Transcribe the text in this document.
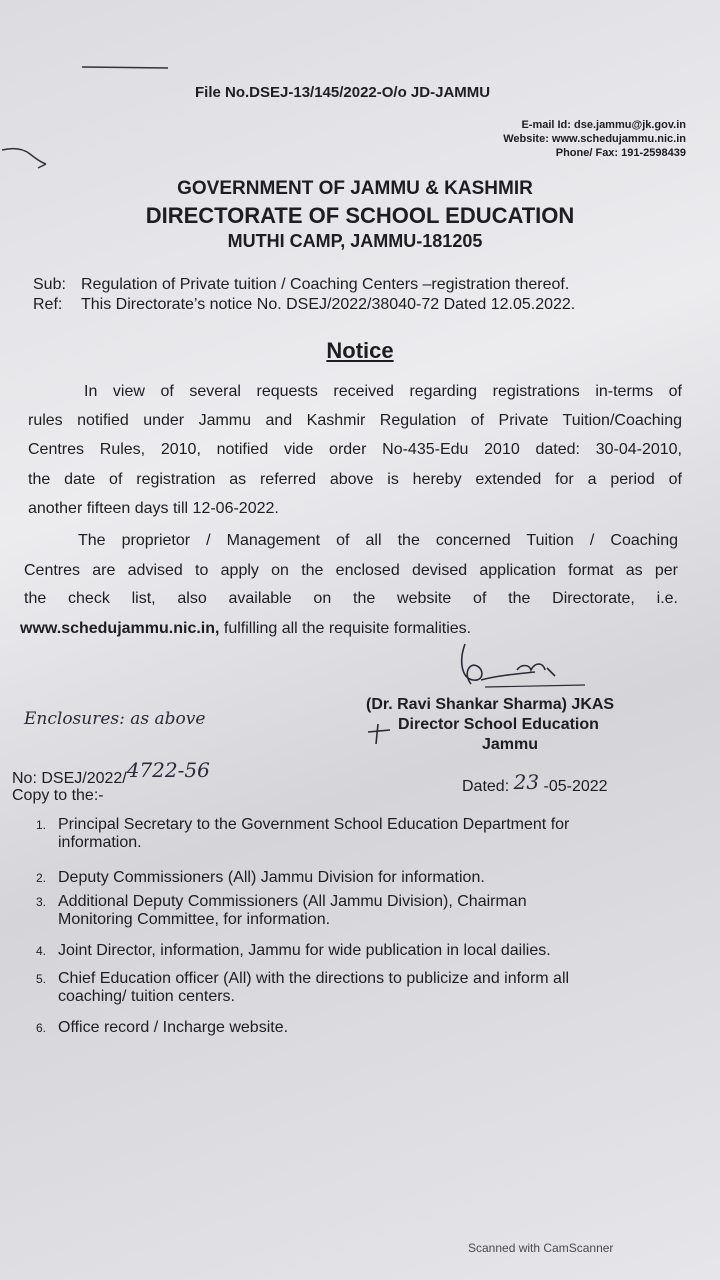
File No.DSEJ-13/145/2022-O/o JD-JAMMU
E-mail Id: dse.jammu@jk.gov.in
Website: www.schedujammu.nic.in
Phone/ Fax: 191-2598439
GOVERNMENT OF JAMMU & KASHMIR
DIRECTORATE OF SCHOOL EDUCATION
MUTHI CAMP, JAMMU-181205
Sub: Regulation of Private tuition / Coaching Centers –registration thereof.
Ref: This Directorate’s notice No. DSEJ/2022/38040-72 Dated 12.05.2022.
Notice
In view of several requests received regarding registrations in-terms of
rules notified under Jammu and Kashmir Regulation of Private Tuition/Coaching
Centres Rules, 2010, notified vide order No-435-Edu 2010 dated: 30-04-2010,
the date of registration as referred above is hereby extended for a period of
another fifteen days till 12-06-2022.
The proprietor / Management of all the concerned Tuition / Coaching
Centres are advised to apply on the enclosed devised application format as per
the check list, also available on the website of the Directorate, i.e.
www.schedujammu.nic.in, fulfilling all the requisite formalities.
(Dr. Ravi Shankar Sharma) JKAS
Director School Education
Jammu
Enclosures: as above
No: DSEJ/2022/4722-56
Dated: 23 -05-2022
Copy to the:-
1. Principal Secretary to the Government School Education Department for
information.
2. Deputy Commissioners (All) Jammu Division for information.
3. Additional Deputy Commissioners (All Jammu Division), Chairman
Monitoring Committee, for information.
4. Joint Director, information, Jammu for wide publication in local dailies.
5. Chief Education officer (All) with the directions to publicize and inform all
coaching/ tuition centers.
6. Office record / Incharge website.
Scanned with CamScanner
